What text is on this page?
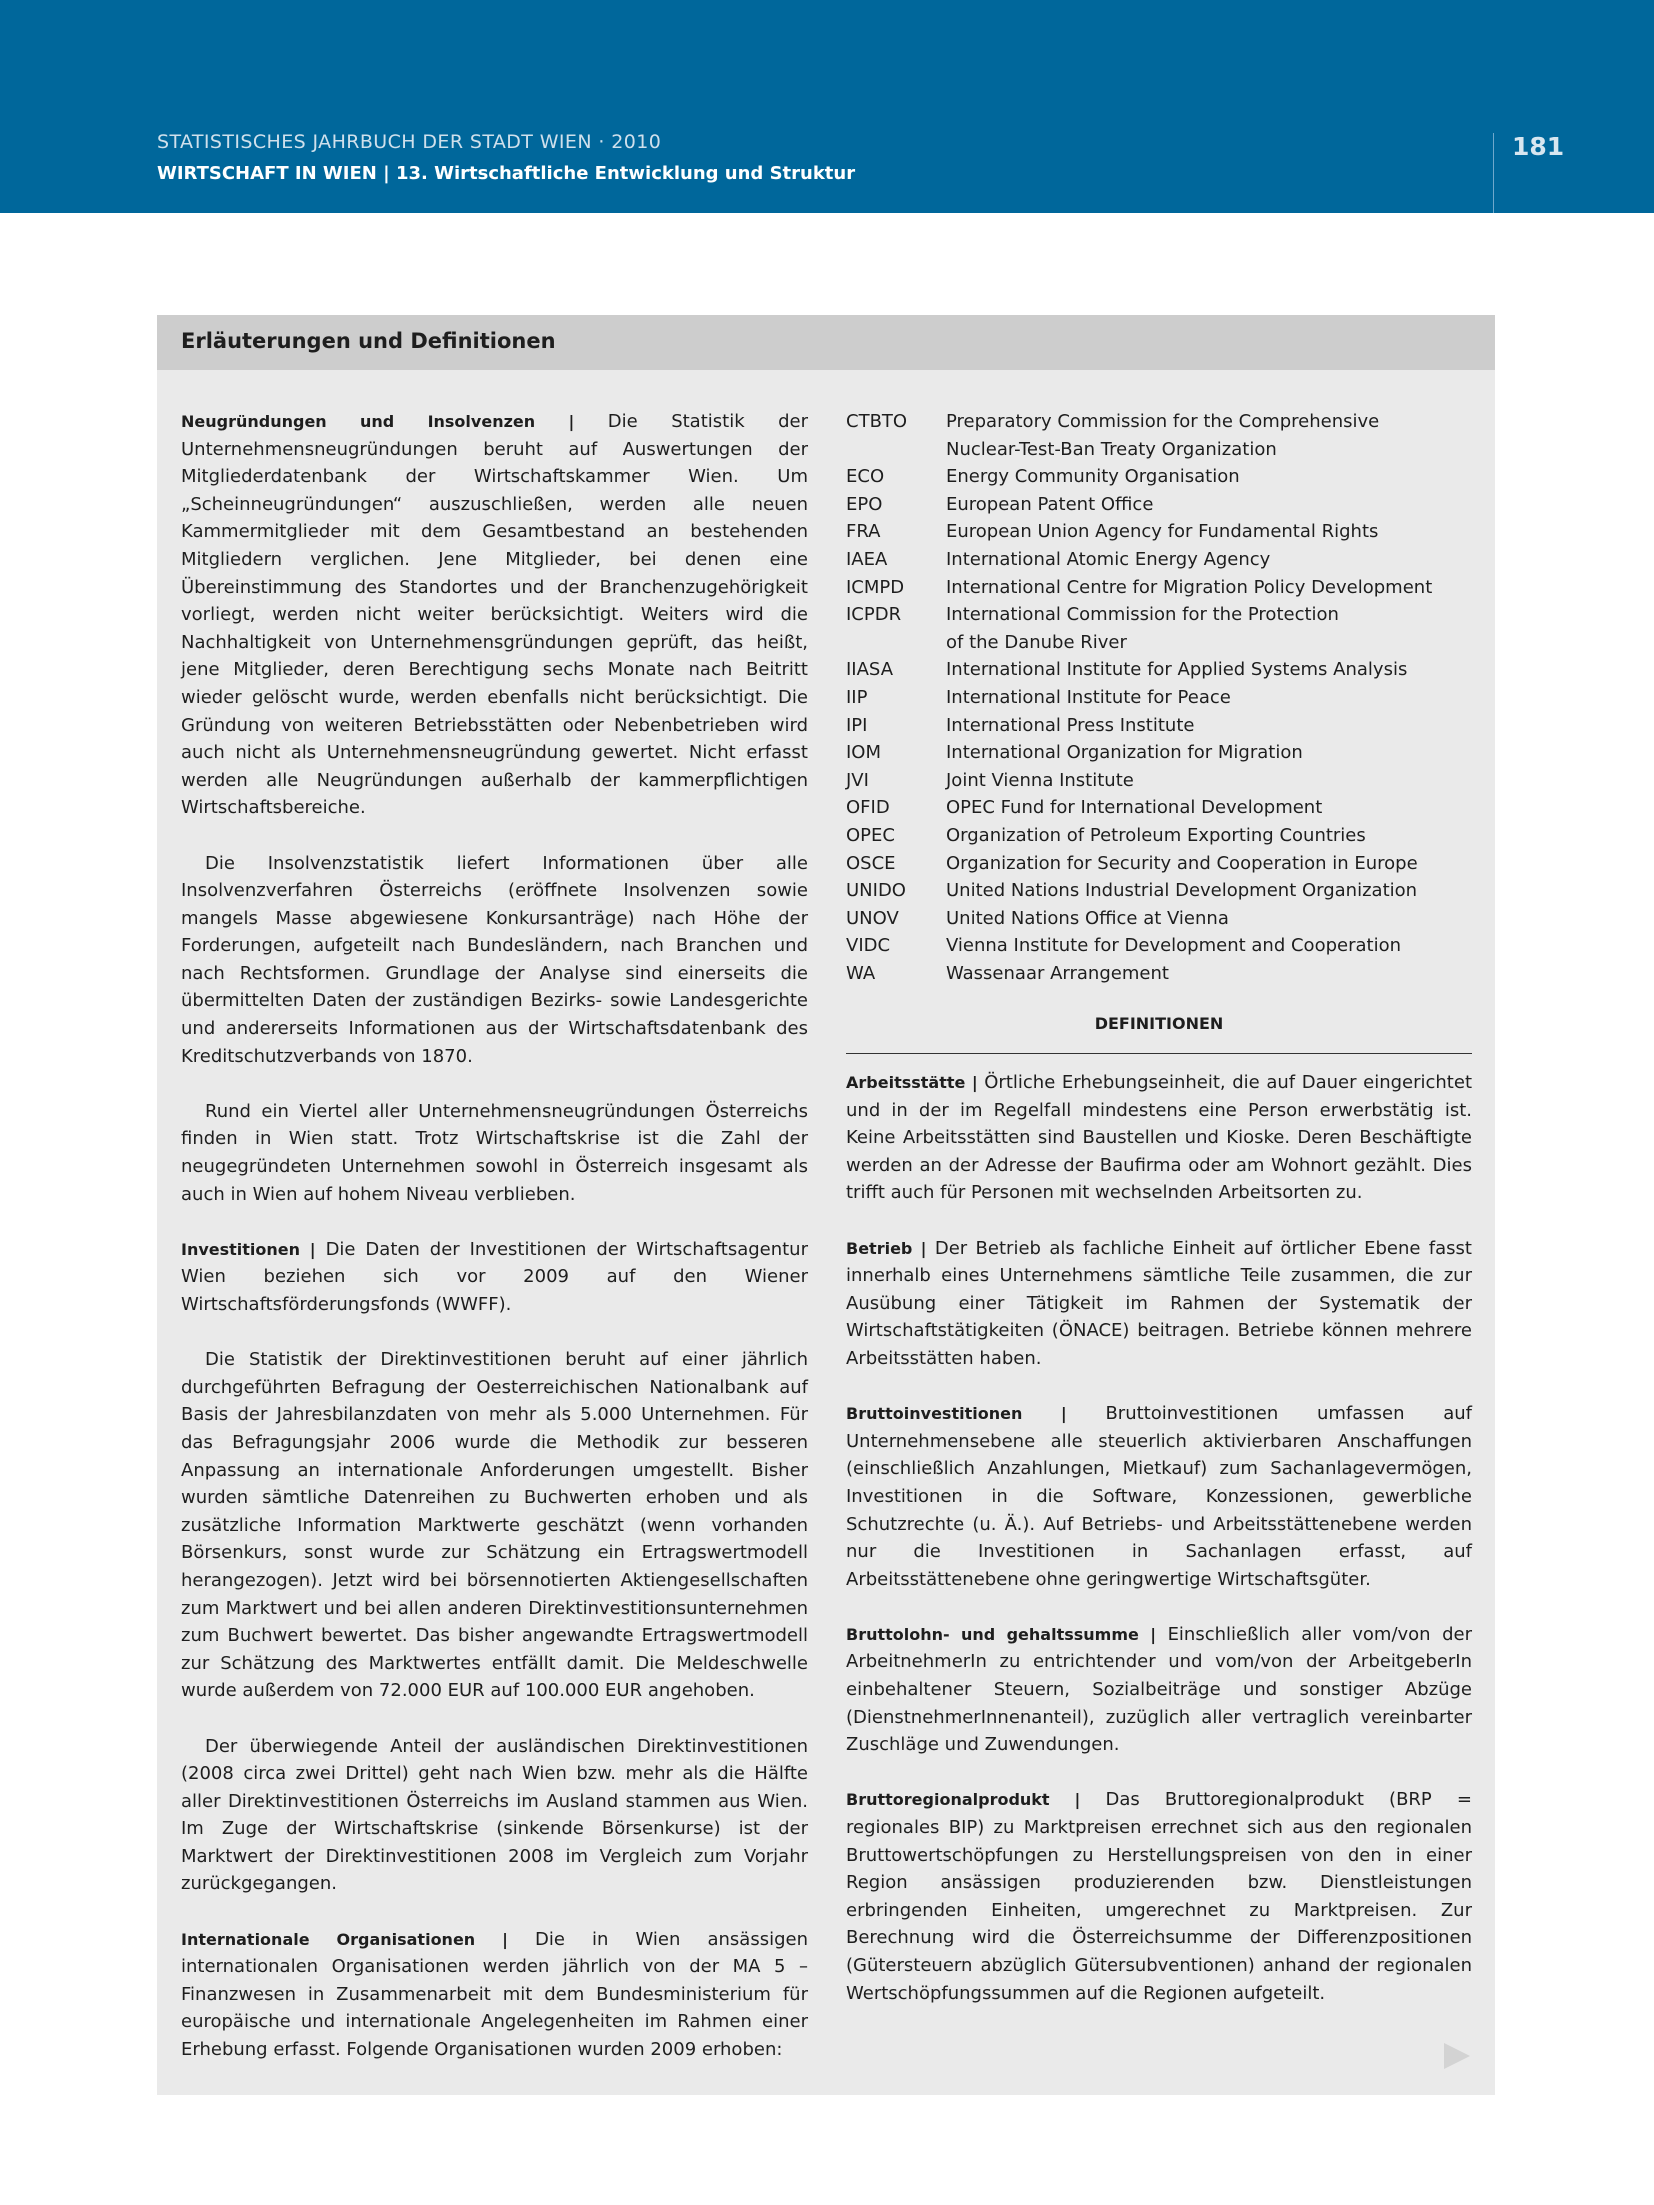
STATISTISCHES JAHRBUCH DER STADT WIEN · 2010
WIRTSCHAFT IN WIEN | 13. Wirtschaftliche Entwicklung und Struktur
181
Erläuterungen und Definitionen

Neugründungen und Insolvenzen | Die Statistik der Unternehmensneugründungen beruht auf Auswertungen der Mitgliederdatenbank der Wirtschaftskammer Wien. Um „Scheinneugründungen“ auszuschließen, werden alle neuen Kammermitglieder mit dem Gesamtbestand an bestehenden Mitgliedern verglichen. Jene Mitglieder, bei denen eine Übereinstimmung des Standortes und der Branchenzugehörigkeit vorliegt, werden nicht weiter berücksichtigt. Weiters wird die Nachhaltigkeit von Unternehmensgründungen geprüft, das heißt, jene Mitglieder, deren Berechtigung sechs Monate nach Beitritt wieder gelöscht wurde, werden ebenfalls nicht berücksichtigt. Die Gründung von weiteren Betriebsstätten oder Nebenbetrieben wird auch nicht als Unternehmensneugründung gewertet. Nicht erfasst werden alle Neugründungen außerhalb der kammerpflichtigen Wirtschaftsbereiche.

Die Insolvenzstatistik liefert Informationen über alle Insolvenzverfahren Österreichs (eröffnete Insolvenzen sowie mangels Masse abgewiesene Konkursanträge) nach Höhe der Forderungen, aufgeteilt nach Bundesländern, nach Branchen und nach Rechtsformen. Grundlage der Analyse sind einerseits die übermittelten Daten der zuständigen Bezirks- sowie Landesgerichte und andererseits Informationen aus der Wirtschaftsdatenbank des Kreditschutzverbands von 1870.

Rund ein Viertel aller Unternehmensneugründungen Österreichs finden in Wien statt. Trotz Wirtschaftskrise ist die Zahl der neugegründeten Unternehmen sowohl in Österreich insgesamt als auch in Wien auf hohem Niveau verblieben.

Investitionen | Die Daten der Investitionen der Wirtschaftsagentur Wien beziehen sich vor 2009 auf den Wiener Wirtschaftsförderungsfonds (WWFF).

Die Statistik der Direktinvestitionen beruht auf einer jährlich durchgeführten Befragung der Oesterreichischen Nationalbank auf Basis der Jahresbilanzdaten von mehr als 5.000 Unternehmen. Für das Befragungsjahr 2006 wurde die Methodik zur besseren Anpassung an internationale Anforderungen umgestellt. Bisher wurden sämtliche Datenreihen zu Buchwerten erhoben und als zusätzliche Information Marktwerte geschätzt (wenn vorhanden Börsenkurs, sonst wurde zur Schätzung ein Ertragswertmodell herangezogen). Jetzt wird bei börsennotierten Aktiengesellschaften zum Marktwert und bei allen anderen Direktinvestitionsunternehmen zum Buchwert bewertet. Das bisher angewandte Ertragswertmodell zur Schätzung des Marktwertes entfällt damit. Die Meldeschwelle wurde außerdem von 72.000 EUR auf 100.000 EUR angehoben.

Der überwiegende Anteil der ausländischen Direktinvestitionen (2008 circa zwei Drittel) geht nach Wien bzw. mehr als die Hälfte aller Direktinvestitionen Österreichs im Ausland stammen aus Wien. Im Zuge der Wirtschaftskrise (sinkende Börsenkurse) ist der Marktwert der Direktinvestitionen 2008 im Vergleich zum Vorjahr zurückgegangen.

Internationale Organisationen | Die in Wien ansässigen internationalen Organisationen werden jährlich von der MA 5 – Finanzwesen in Zusammenarbeit mit dem Bundesministerium für europäische und internationale Angelegenheiten im Rahmen einer Erhebung erfasst. Folgende Organisationen wurden 2009 erhoben:

CTBTO	Preparatory Commission for the Comprehensive
Nuclear-Test-Ban Treaty Organization
ECO	Energy Community Organisation
EPO	European Patent Office
FRA	European Union Agency for Fundamental Rights
IAEA	International Atomic Energy Agency
ICMPD	International Centre for Migration Policy Development
ICPDR	International Commission for the Protection
of the Danube River
IIASA	International Institute for Applied Systems Analysis
IIP	International Institute for Peace
IPI	International Press Institute
IOM	International Organization for Migration
JVI	Joint Vienna Institute
OFID	OPEC Fund for International Development
OPEC	Organization of Petroleum Exporting Countries
OSCE	Organization for Security and Cooperation in Europe
UNIDO	United Nations Industrial Development Organization
UNOV	United Nations Office at Vienna
VIDC	Vienna Institute for Development and Cooperation
WA	Wassenaar Arrangement
DEFINITIONEN

Arbeitsstätte | Örtliche Erhebungseinheit, die auf Dauer eingerichtet und in der im Regelfall mindestens eine Person erwerbstätig ist. Keine Arbeitsstätten sind Baustellen und Kioske. Deren Beschäftigte werden an der Adresse der Baufirma oder am Wohnort gezählt. Dies trifft auch für Personen mit wechselnden Arbeitsorten zu.

Betrieb | Der Betrieb als fachliche Einheit auf örtlicher Ebene fasst innerhalb eines Unternehmens sämtliche Teile zusammen, die zur Ausübung einer Tätigkeit im Rahmen der Systematik der Wirtschaftstätigkeiten (ÖNACE) beitragen. Betriebe können mehrere Arbeitsstätten haben.

Bruttoinvestitionen | Bruttoinvestitionen umfassen auf Unternehmensebene alle steuerlich aktivierbaren Anschaffungen (einschließlich Anzahlungen, Mietkauf) zum Sachanlagevermögen, Investitionen in die Software, Konzessionen, gewerbliche Schutzrechte (u. Ä.). Auf Betriebs- und Arbeitsstättenebene werden nur die Investitionen in Sachanlagen erfasst, auf Arbeitsstättenebene ohne geringwertige Wirtschaftsgüter.

Bruttolohn- und gehaltssumme | Einschließlich aller vom/von der ArbeitnehmerIn zu entrichtender und vom/von der ArbeitgeberIn einbehaltener Steuern, Sozialbeiträge und sonstiger Abzüge (DienstnehmerInnenanteil), zuzüglich aller vertraglich vereinbarter Zuschläge und Zuwendungen.

Bruttoregionalprodukt | Das Bruttoregionalprodukt (BRP = regionales BIP) zu Marktpreisen errechnet sich aus den regionalen Bruttowertschöpfungen zu Herstellungspreisen von den in einer Region ansässigen produzierenden bzw. Dienstleistungen erbringenden Einheiten, umgerechnet zu Marktpreisen. Zur Berechnung wird die Österreichsumme der Differenzpositionen (Gütersteuern abzüglich Gütersubventionen) anhand der regionalen Wertschöpfungssummen auf die Regionen aufgeteilt.
